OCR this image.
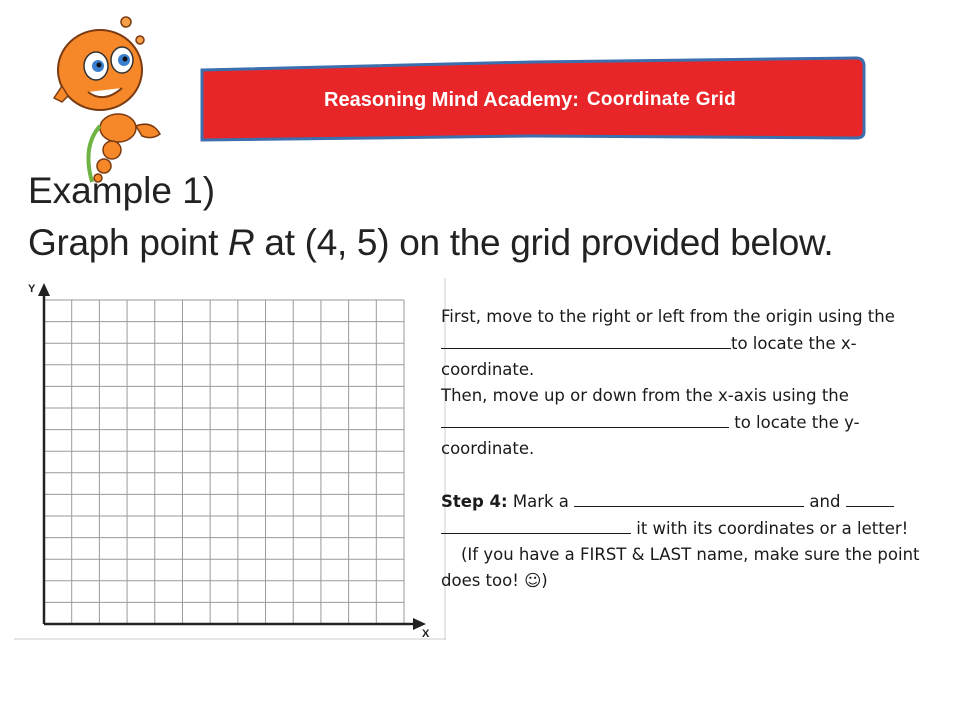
Reasoning Mind Academy: Coordinate Grid
Example 1)
Graph point R at (4, 5) on the grid provided below.
Y
X

First, move to the right or left from the origin using the to locate the x-coordinate.

Then, move up or down from the x-axis using the  to locate the y-coordinate.

Step 4: Mark a	and   it with its coordinates or a letter! (If you have a FIRST & LAST name, make sure the point does too! ☺)
